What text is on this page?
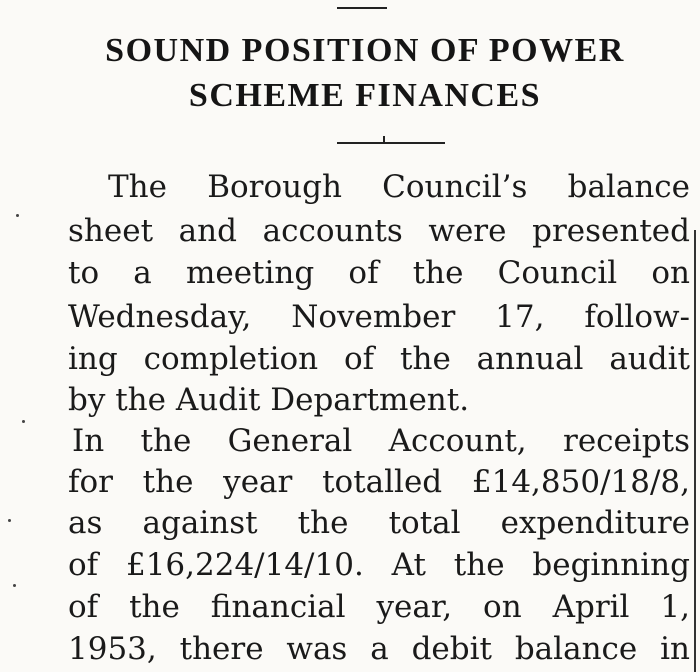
SOUND POSITION OF POWER
SCHEME FINANCES
The Borough Council’s balance
sheet and accounts were presented
to a meeting of the Council on
Wednesday, November 17, follow-
ing completion of the annual audit
by the Audit Department.
In the General Account, receipts
for the year totalled £14,850/18/8,
as against the total expenditure
of £16,224/14/10. At the beginning
of the financial year, on April 1,
1953, there was a debit balance in
